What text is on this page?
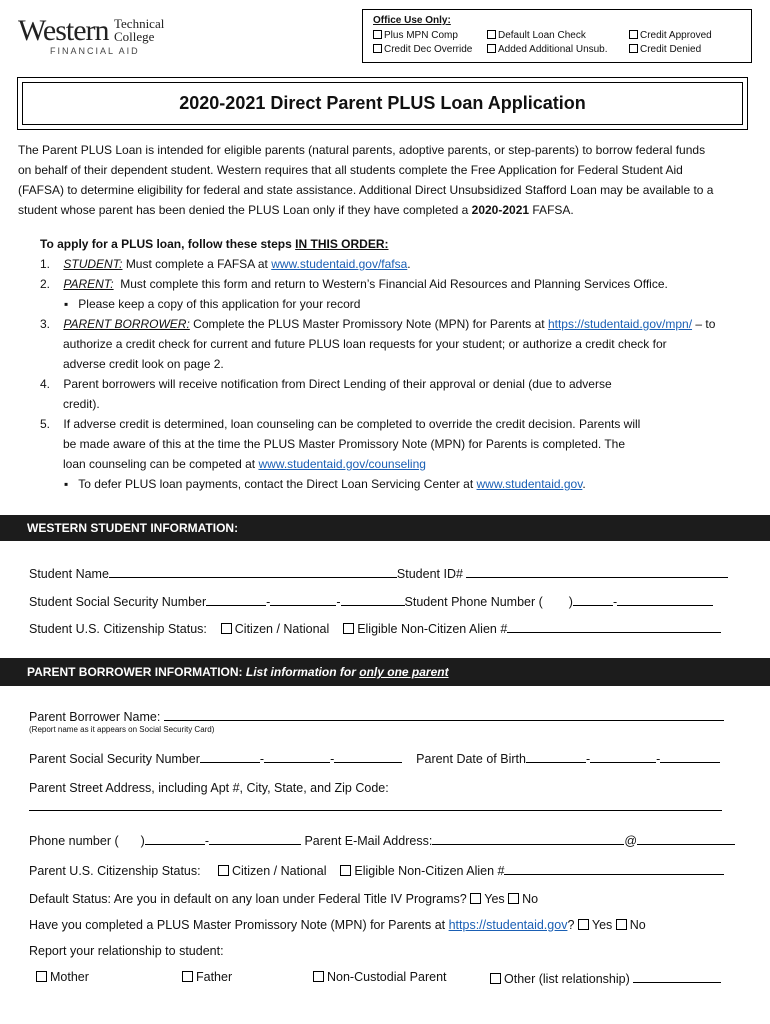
Western Technical
College
FINANCIAL AID
Office Use Only:
Plus MPN Comp	Default Loan Check	Credit Approved
Credit Dec Override	Added Additional Unsub.	Credit Denied
2020-2021 Direct Parent PLUS Loan Application
The Parent PLUS Loan is intended for eligible parents (natural parents, adoptive parents, or step-parents) to borrow federal funds
on behalf of their dependent student. Western requires that all students complete the Free Application for Federal Student Aid
(FAFSA) to determine eligibility for federal and state assistance. Additional Direct Unsubsidized Stafford Loan may be available to a
student whose parent has been denied the PLUS Loan only if they have completed a 2020-2021 FAFSA.
To apply for a PLUS loan, follow these steps IN THIS ORDER:
1. STUDENT: Must complete a FAFSA at www.studentaid.gov/fafsa.
2. PARENT: Must complete this form and return to Western’s Financial Aid Resources and Planning Services Office.
▪ Please keep a copy of this application for your record
3. PARENT BORROWER: Complete the PLUS Master Promissory Note (MPN) for Parents at https://studentaid.gov/mpn/ – to
authorize a credit check for current and future PLUS loan requests for your student; or authorize a credit check for
adverse credit look on page 2.
4. Parent borrowers will receive notification from Direct Lending of their approval or denial (due to adverse
credit).
5. If adverse credit is determined, loan counseling can be completed to override the credit decision. Parents will
be made aware of this at the time the PLUS Master Promissory Note (MPN) for Parents is completed. The
loan counseling can be competed at www.studentaid.gov/counseling
▪ To defer PLUS loan payments, contact the Direct Loan Servicing Center at www.studentaid.gov.
WESTERN STUDENT INFORMATION:
Student Name	Student ID#
Student Social Security Number	-	-	Student Phone Number ( )	-
Student U.S. Citizenship Status: Citizen / National Eligible Non-Citizen Alien #
PARENT BORROWER INFORMATION: List information for only one parent
Parent Borrower Name:
(Report name as it appears on Social Security Card)
Parent Social Security Number	-	-	Parent Date of Birth	-	-
Parent Street Address, including Apt #, City, State, and Zip Code:
Phone number ( )	-	Parent E-Mail Address:	@
Parent U.S. Citizenship Status:	Citizen / National Eligible Non-Citizen Alien #
Default Status: Are you in default on any loan under Federal Title IV Programs? Yes No
Have you completed a PLUS Master Promissory Note (MPN) for Parents at https://studentaid.gov? Yes No
Report your relationship to student:
Mother	Father	Non-Custodial Parent	Other (list relationship)
